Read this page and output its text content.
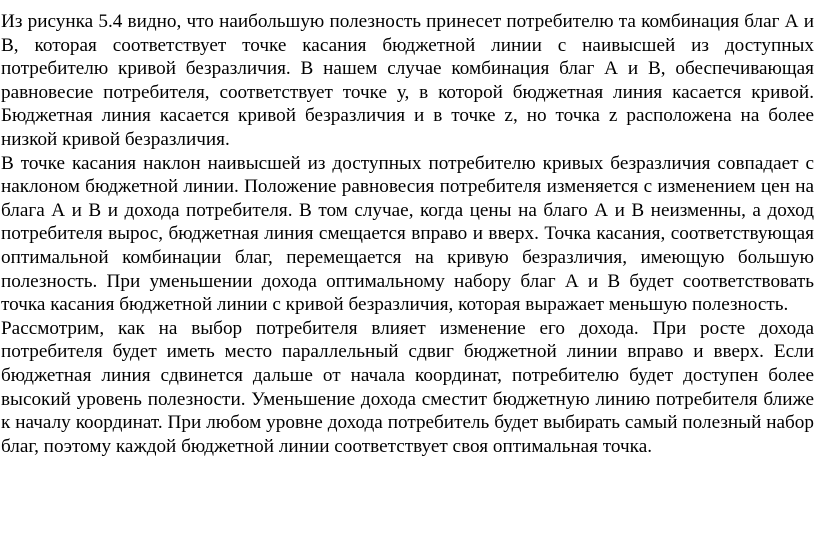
Из рисунка 5.4 видно, что наибольшую полезность принесет потребителю та комбинация благ А и В, которая соответствует точке касания бюджетной линии с наивысшей из доступных потребителю кривой безразличия. В нашем случае комбинация благ А и В, обеспечивающая равновесие потребителя, соответствует точке у, в которой бюджетная линия касается кривой. Бюджетная линия касается кривой безразличия и в точке z, но точка z расположена на более низкой кривой безразличия.

В точке касания наклон наивысшей из доступных потребителю кривых безразличия совпадает с наклоном бюджетной линии. Положение равновесия потребителя изменяется с изменением цен на блага А и В и дохода потребителя. В том случае, когда цены на благо А и В неизменны, а доход потребителя вырос, бюджетная линия смещается вправо и вверх. Точка касания, соответствующая оптимальной комбинации благ, перемещается на кривую безразличия, имеющую большую полезность. При уменьшении дохода оптимальному набору благ А и В будет соответствовать точка касания бюджетной линии с кривой безразличия, которая выражает меньшую полезность.

Рассмотрим, как на выбор потребителя влияет изменение его дохода. При росте дохода потребителя будет иметь место параллельный сдвиг бюджетной линии вправо и вверх. Если бюджетная линия сдвинется дальше от начала координат, потребителю будет доступен более высокий уровень полезности. Уменьшение дохода сместит бюджетную линию потребителя ближе к началу координат. При любом уровне дохода потребитель будет выбирать самый полезный набор благ, поэтому каждой бюджетной линии соответствует своя оптимальная точка.
